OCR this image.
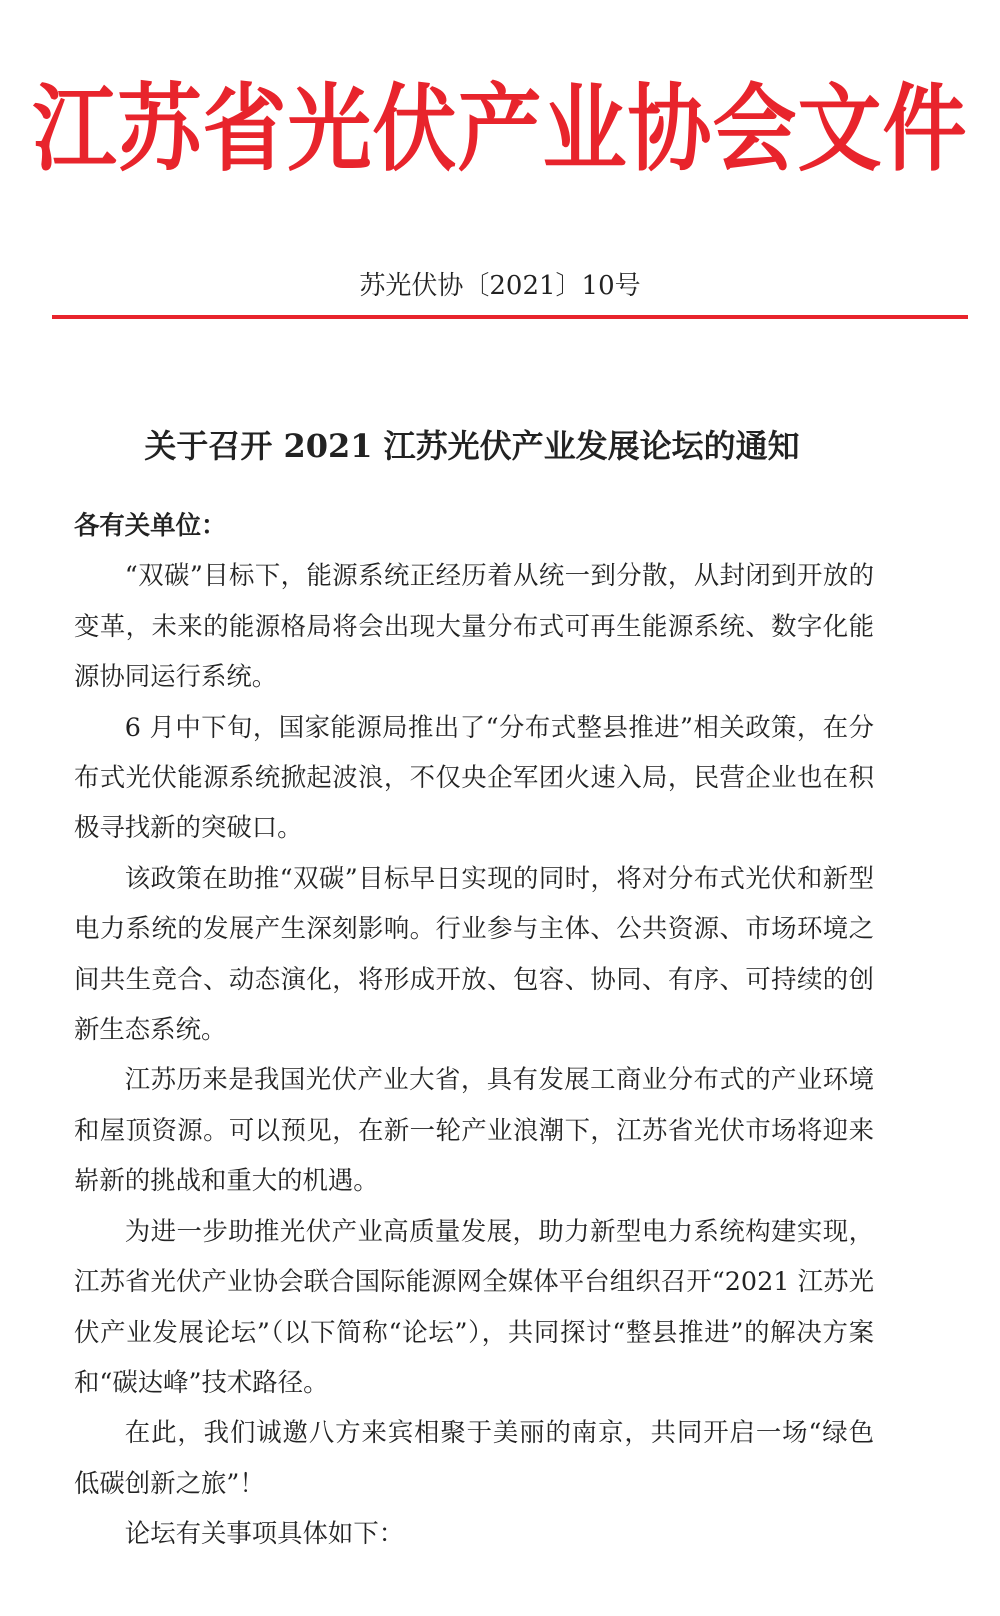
江苏省光伏产业协会文件
苏光伏协〔2021〕10号
关于召开 2021 江苏光伏产业发展论坛的通知

各有关单位：

“双碳”目标下，能源系统正经历着从统一到分散，从封闭到开放的变革，未来的能源格局将会出现大量分布式可再生能源系统、数字化能源协同运行系统。

6 月中下旬，国家能源局推出了“分布式整县推进”相关政策，在分布式光伏能源系统掀起波浪，不仅央企军团火速入局，民营企业也在积极寻找新的突破口。

该政策在助推“双碳”目标早日实现的同时，将对分布式光伏和新型电力系统的发展产生深刻影响。行业参与主体、公共资源、市场环境之间共生竞合、动态演化，将形成开放、包容、协同、有序、可持续的创新生态系统。

江苏历来是我国光伏产业大省，具有发展工商业分布式的产业环境和屋顶资源。可以预见，在新一轮产业浪潮下，江苏省光伏市场将迎来崭新的挑战和重大的机遇。

为进一步助推光伏产业高质量发展，助力新型电力系统构建实现，江苏省光伏产业协会联合国际能源网全媒体平台组织召开“2021 江苏光伏产业发展论坛”（以下简称“论坛”），共同探讨“整县推进”的解决方案和“碳达峰”技术路径。

在此，我们诚邀八方来宾相聚于美丽的南京，共同开启一场“绿色低碳创新之旅”！

论坛有关事项具体如下：
